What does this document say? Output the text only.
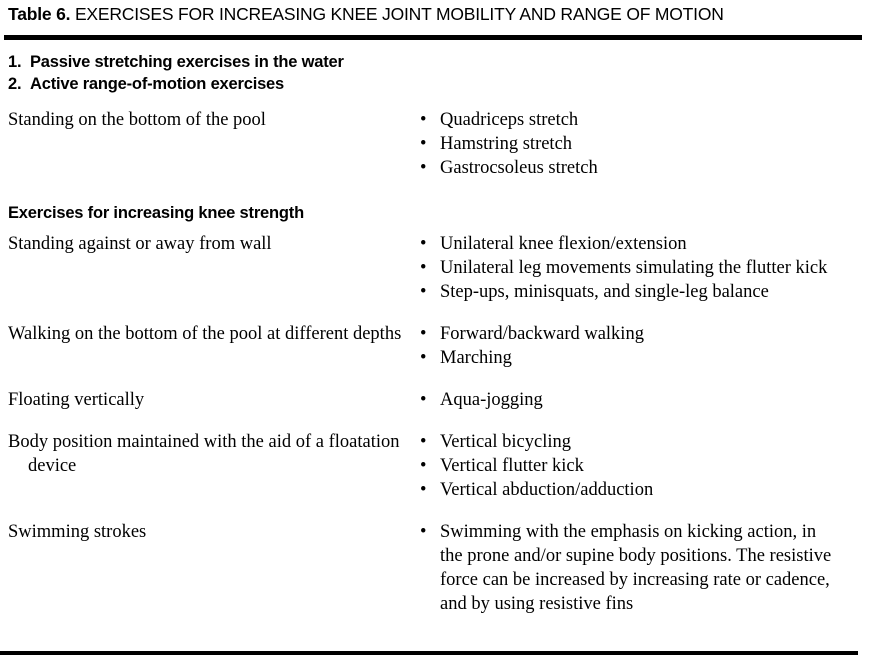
Table 6. EXERCISES FOR INCREASING KNEE JOINT MOBILITY AND RANGE OF MOTION
1. Passive stretching exercises in the water
2. Active range-of-motion exercises
Standing on the bottom of the pool	• Quadriceps stretch
• Hamstring stretch
• Gastrocsoleus stretch
Exercises for increasing knee strength
Standing against or away from wall	• Unilateral knee flexion/extension
• Unilateral leg movements simulating the flutter kick
• Step-ups, minisquats, and single-leg balance
Walking on the bottom of the pool at different depths	• Forward/backward walking
• Marching
Floating vertically	• Aqua-jogging
Body position maintained with the aid of a floatation device
• Vertical bicycling
• Vertical flutter kick
• Vertical abduction/adduction
Swimming strokes	• Swimming with the emphasis on kicking action, in the prone and/or supine body positions. The resistive force can be increased by increasing rate or cadence, and by using resistive fins
